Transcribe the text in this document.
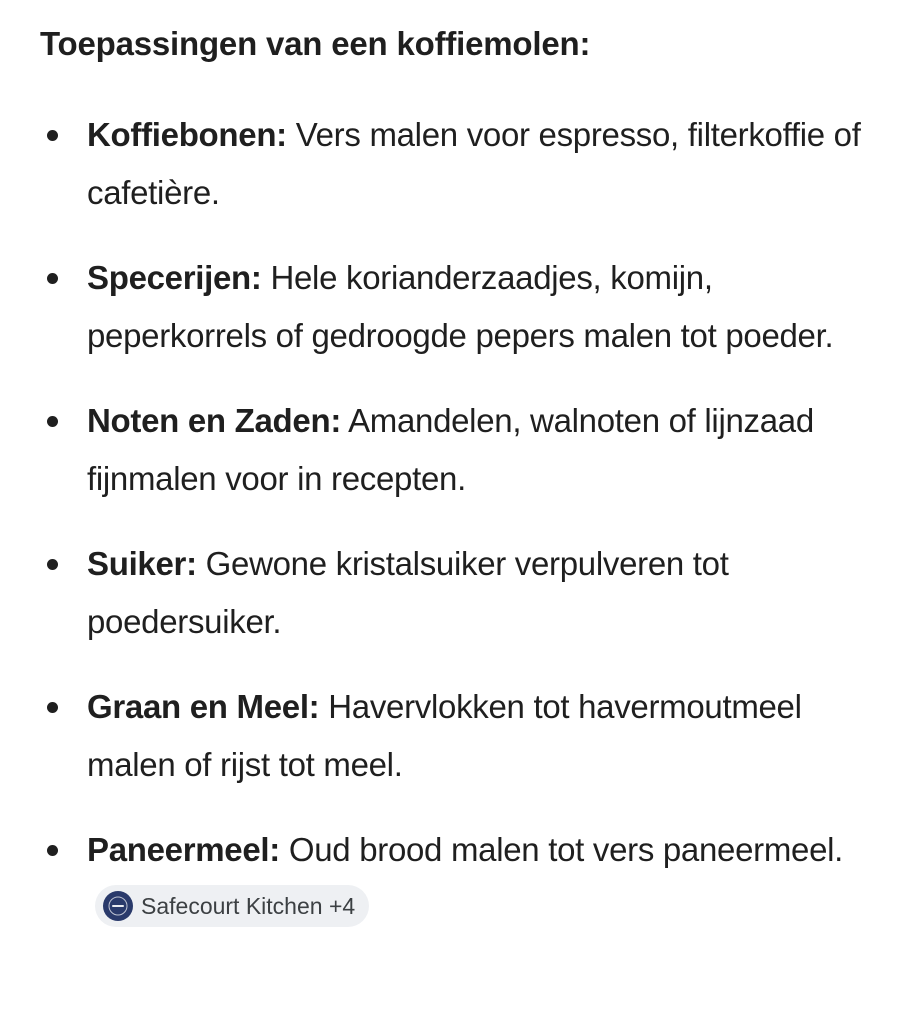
Toepassingen van een koffiemolen:
Koffiebonen: Vers malen voor espresso, filterkoffie of cafetière.
Specerijen: Hele korianderzaadjes, komijn, peperkorrels of gedroogde pepers malen tot poeder.
Noten en Zaden: Amandelen, walnoten of lijnzaad fijnmalen voor in recepten.
Suiker: Gewone kristalsuiker verpulveren tot poedersuiker.
Graan en Meel: Havervlokken tot havermoutmeel malen of rijst tot meel.
Paneermeel: Oud brood malen tot vers paneermeel.
Safecourt Kitchen +4
